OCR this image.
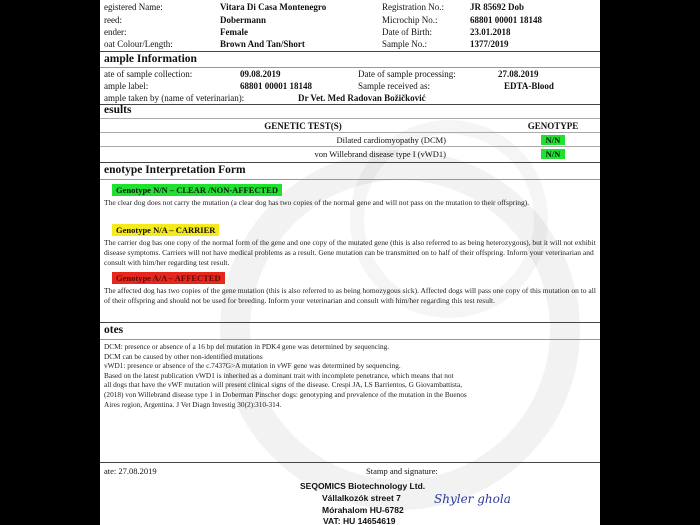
egistered Name:	Vitara Di Casa Montenegro	Registration No.:	JR 85692 Dob
reed:	Dobermann	Microchip No.:	68801 00001 18148
ender:	Female	Date of Birth:	23.01.2018
oat Colour/Length:	Brown And Tan/Short	Sample No.:	1377/2019
ample Information
ate of sample collection:	09.08.2019	Date of sample processing:	27.08.2019
ample label:	68801 00001 18148	Sample received as:	EDTA-Blood
ample taken by (name of veterinarian):	Dr Vet. Med Radovan Božičković
esults
GENETIC TEST(S)	GENOTYPE
Dilated cardiomyopathy (DCM)	N/N

von Willebrand disease type I (vWD1)	N/N
enotype Interpretation Form
Genotype N/N – CLEAR /NON-AFFECTED
The clear dog does not carry the mutation (a clear dog has two copies of the normal gene and will not pass on the mutation to their offspring).
Genotype N/A – CARRIER
The carrier dog has one copy of the normal form of the gene and one copy of the mutated gene (this is also referred to as being heterozygous), but it will not exhibit disease symptoms. Carriers will not have medical problems as a result. Gene mutation can be transmitted on to half of their offspring. Inform your veterinarian and consult with him/her regarding test result.
Genotype A/A – AFFECTED
The affected dog has two copies of the gene mutation (this is also referred to as being homozygous sick). Affected dogs will pass one copy of this mutation on to all of their offspring and should not be used for breeding. Inform your veterinarian and consult with him/her regarding this test result.
otes
DCM: presence or absence of a 16 bp del mutation in PDK4 gene was determined by sequencing.
DCM can be caused by other non-identified mutations
vWD1: presence or absence of the c.7437G>A mutation in vWF gene was determined by sequencing.
Based on the latest publication vWD1 is inherited as a dominant trait with incomplete penetrance, which means that not
all dogs that have the vWF mutation will present clinical signs of the disease. Crespi JA, LS Barrientos, G Giovambattista,
(2018) von Willebrand disease type 1 in Doberman Pinscher dogs: genotyping and prevalence of the mutation in the Buenos
Aires region, Argentina. J Vet Diagn Investig 30(2):310-314.
ate: 27.08.2019	Stamp and signature:
SEQOMICS Biotechnology Ltd.
Vállalkozók street 7
Mórahalom HU-6782
VAT: HU 14654619
Shyler ghola
